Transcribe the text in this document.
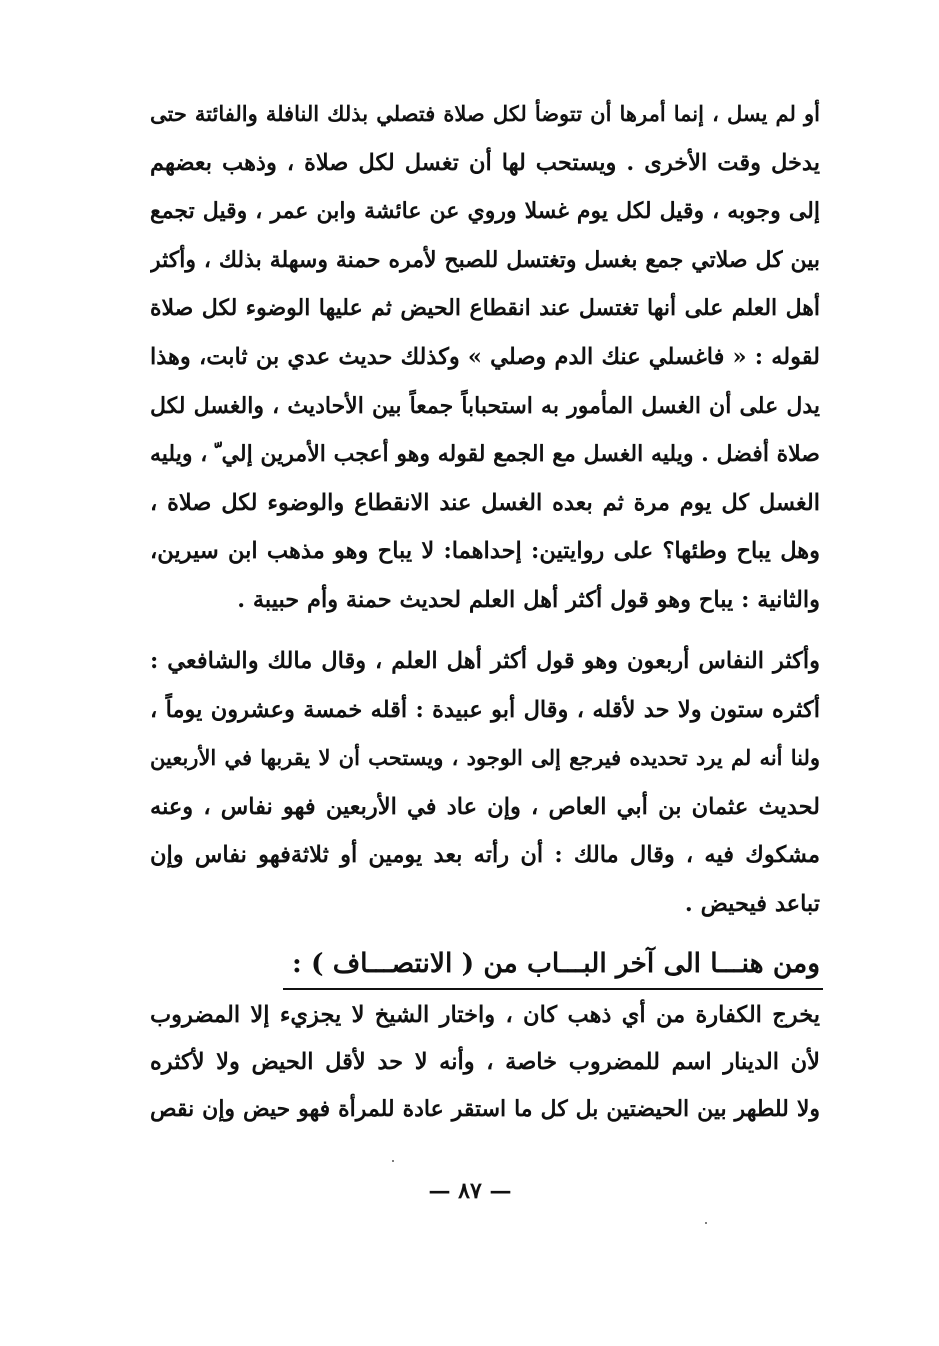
أو لم يسل ، إنما أمرها أن تتوضأ لكل صلاة فتصلي بذلك النافلة والفائتة حتى
يدخل وقت الأخرى . ويستحب لها أن تغسل لكل صلاة ، وذهب بعضهم
إلى وجوبه ، وقيل لكل يوم غسلا وروي عن عائشة وابن عمر ، وقيل تجمع
بين كل صلاتي جمع بغسل وتغتسل للصبح لأمره حمنة وسهلة بذلك ، وأكثر
أهل العلم على أنها تغتسل عند انقطاع الحيض ثم عليها الوضوء لكل صلاة
لقوله : « فاغسلي عنك الدم وصلي » وكذلك حديث عدي بن ثابت، وهذا
يدل على أن الغسل المأمور به استحباباً جمعاً بين الأحاديث ، والغسل لكل
صلاة أفضل . ويليه الغسل مع الجمع لقوله وهو أعجب الأمرين إلي ّ ، ويليه
الغسل كل يوم مرة ثم بعده الغسل عند الانقطاع والوضوء لكل صلاة ،
وهل يباح وطئها؟ على روايتين: إحداهما: لا يباح وهو مذهب ابن سيرين،
والثانية : يباح وهو قول أكثر أهل العلم لحديث حمنة وأم حبيبة .
وأكثر النفاس أربعون وهو قول أكثر أهل العلم ، وقال مالك والشافعي :
أكثره ستون ولا حد لأقله ، وقال أبو عبيدة : أقله خمسة وعشرون يوماً ،
ولنا أنه لم يرد تحديده فيرجع إلى الوجود ، ويستحب أن لا يقربها في الأربعين
لحديث عثمان بن أبي العاص ، وإن عاد في الأربعين فهو نفاس ، وعنه
مشكوك فيه ، وقال مالك : أن رأته بعد يومين أو ثلاثةفهو نفاس وإن
تباعد فيحيض .
ومن هنـــا الى آخر البـــاب من ( الانتصـــاف ) :
يخرج الكفارة من أي ذهب كان ، واختار الشيخ لا يجزيء إلا المضروب
لأن الدينار اسم للمضروب خاصة ، وأنه لا حد لأقل الحيض ولا لأكثره
ولا للطهر بين الحيضتين بل كل ما استقر عادة للمرأة فهو حيض وإن نقص
— ٨٧ —
